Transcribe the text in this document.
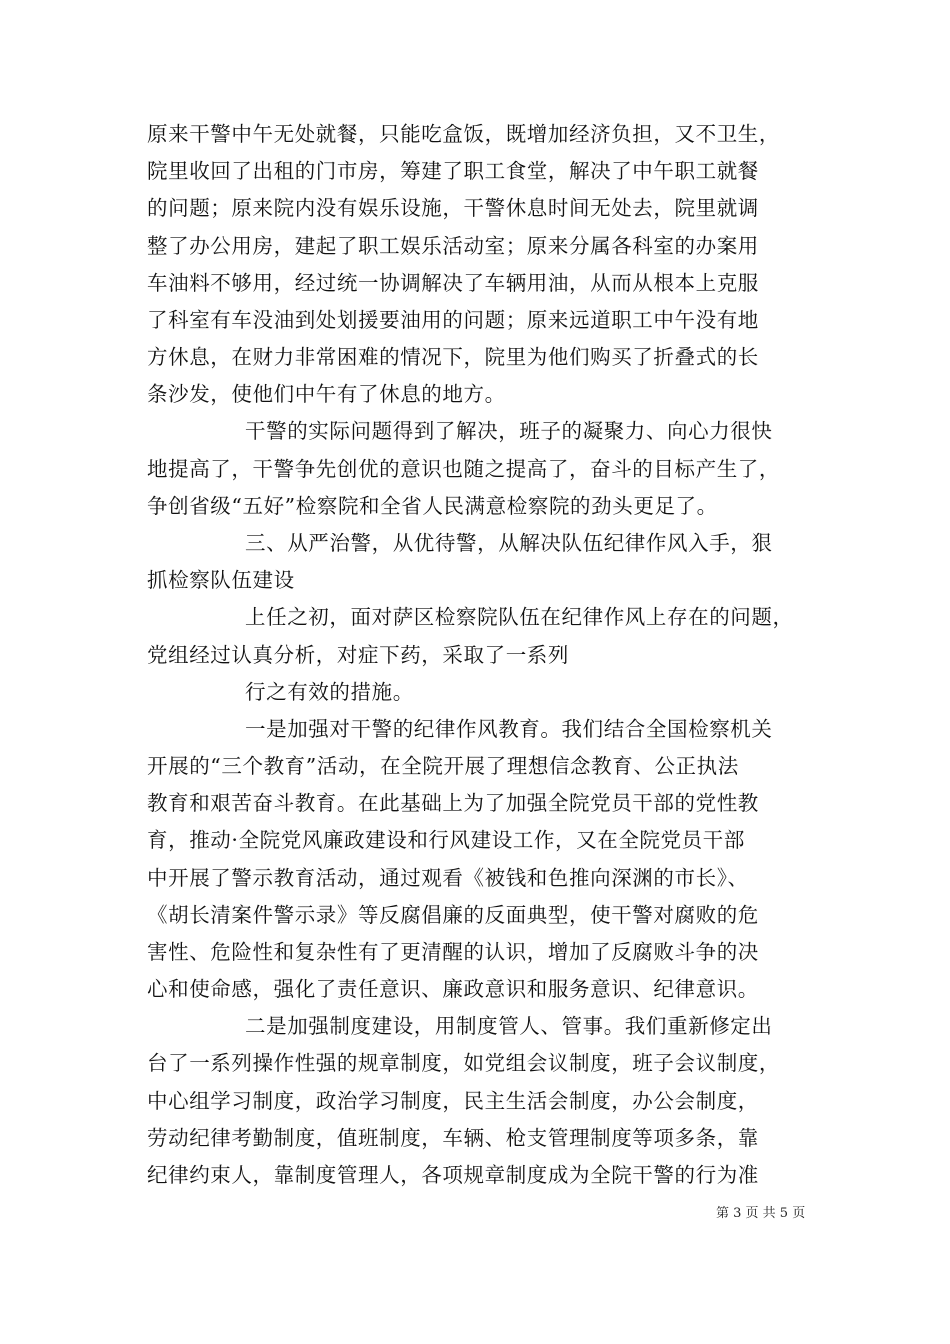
原来干警中午无处就餐，只能吃盒饭，既增加经济负担，又不卫生，
院里收回了出租的门市房，筹建了职工食堂，解决了中午职工就餐
的问题；原来院内没有娱乐设施，干警休息时间无处去，院里就调
整了办公用房，建起了职工娱乐活动室；原来分属各科室的办案用
车油料不够用，经过统一协调解决了车辆用油，从而从根本上克服
了科室有车没油到处划援要油用的问题；原来远道职工中午没有地
方休息，在财力非常困难的情况下，院里为他们购买了折叠式的长
条沙发，使他们中午有了休息的地方。
干警的实际问题得到了解决，班子的凝聚力、向心力很快
地提高了，干警争先创优的意识也随之提高了，奋斗的目标产生了，
争创省级“五好”检察院和全省人民满意检察院的劲头更足了。
三、从严治警，从优待警，从解决队伍纪律作风入手，狠
抓检察队伍建设
上任之初，面对萨区检察院队伍在纪律作风上存在的问题，
党组经过认真分析，对症下药，采取了一系列
行之有效的措施。
一是加强对干警的纪律作风教育。我们结合全国检察机关
开展的“三个教育”活动，在全院开展了理想信念教育、公正执法
教育和艰苦奋斗教育。在此基础上为了加强全院党员干部的党性教
育，推动·全院党风廉政建设和行风建设工作，又在全院党员干部
中开展了警示教育活动，通过观看《被钱和色推向深渊的市长》、
《胡长清案件警示录》等反腐倡廉的反面典型，使干警对腐败的危
害性、危险性和复杂性有了更清醒的认识，增加了反腐败斗争的决
心和使命感，强化了责任意识、廉政意识和服务意识、纪律意识。
二是加强制度建设，用制度管人、管事。我们重新修定出
台了一系列操作性强的规章制度，如党组会议制度，班子会议制度，
中心组学习制度，政治学习制度，民主生活会制度，办公会制度，
劳动纪律考勤制度，值班制度，车辆、枪支管理制度等项多条，靠
纪律约束人，靠制度管理人，各项规章制度成为全院干警的行为准
第 3 页 共 5 页
